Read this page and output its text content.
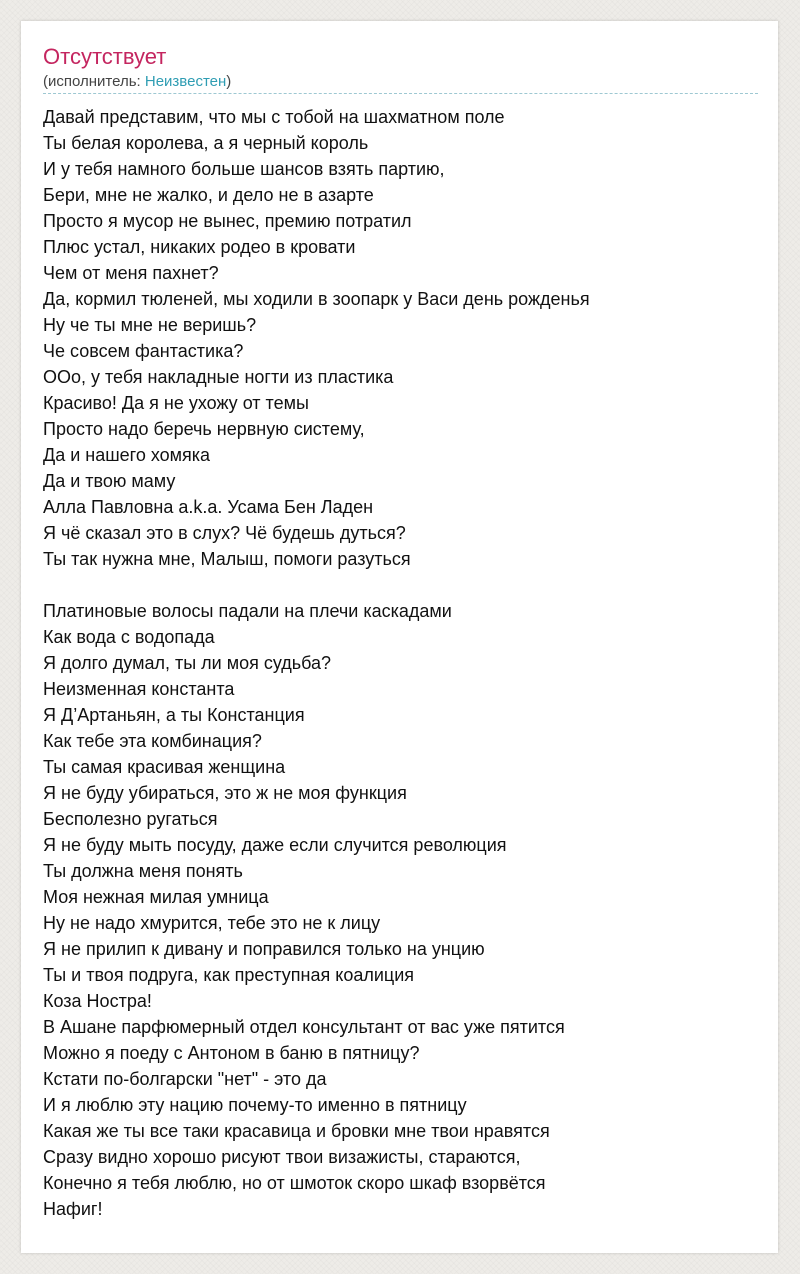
Отсутствует
(исполнитель: Неизвестен)
Давай представим, что мы с тобой на шахматном поле
Ты белая королева, а я черный король
И у тебя намного больше шансов взять партию,
Бери, мне не жалко, и дело не в азарте
Просто я мусор не вынес, премию потратил
Плюс устал, никаких родео в кровати
Чем от меня пахнет?
Да, кормил тюленей, мы ходили в зоопарк у Васи день рожденья
Ну че ты мне не веришь?
Че совсем фантастика?
ООо, у тебя накладные ногти из пластика
Красиво! Да я не ухожу от темы
Просто надо беречь нервную систему,
Да и нашего хомяка
Да и твою маму
Алла Павловна a.k.a. Усама Бен Ладен
Я чё сказал это в слух? Чё будешь дуться?
Ты так нужна мне, Малыш, помоги разуться

Платиновые волосы падали на плечи каскадами
Как вода с водопада
Я долго думал, ты ли моя судьба?
Неизменная константа
Я Д’Артаньян, а ты Констанция
Как тебе эта комбинация?
Ты самая красивая женщина
Я не буду убираться, это ж не моя функция
Бесполезно ругаться
Я не буду мыть посуду, даже если случится революция
Ты должна меня понять
Моя нежная милая умница
Ну не надо хмурится, тебе это не к лицу
Я не прилип к дивану и поправился только на унцию
Ты и твоя подруга, как преступная коалиция
Коза Ностра!
В Ашане парфюмерный отдел консультант от вас уже пятится
Можно я поеду с Антоном в баню в пятницу?
Кстати по-болгарски "нет" - это да
И я люблю эту нацию почему-то именно в пятницу
Какая же ты все таки красавица и бровки мне твои нравятся
Сразу видно хорошо рисуют твои визажисты, стараются,
Конечно я тебя люблю, но от шмоток скоро шкаф взорвётся
Нафиг!
